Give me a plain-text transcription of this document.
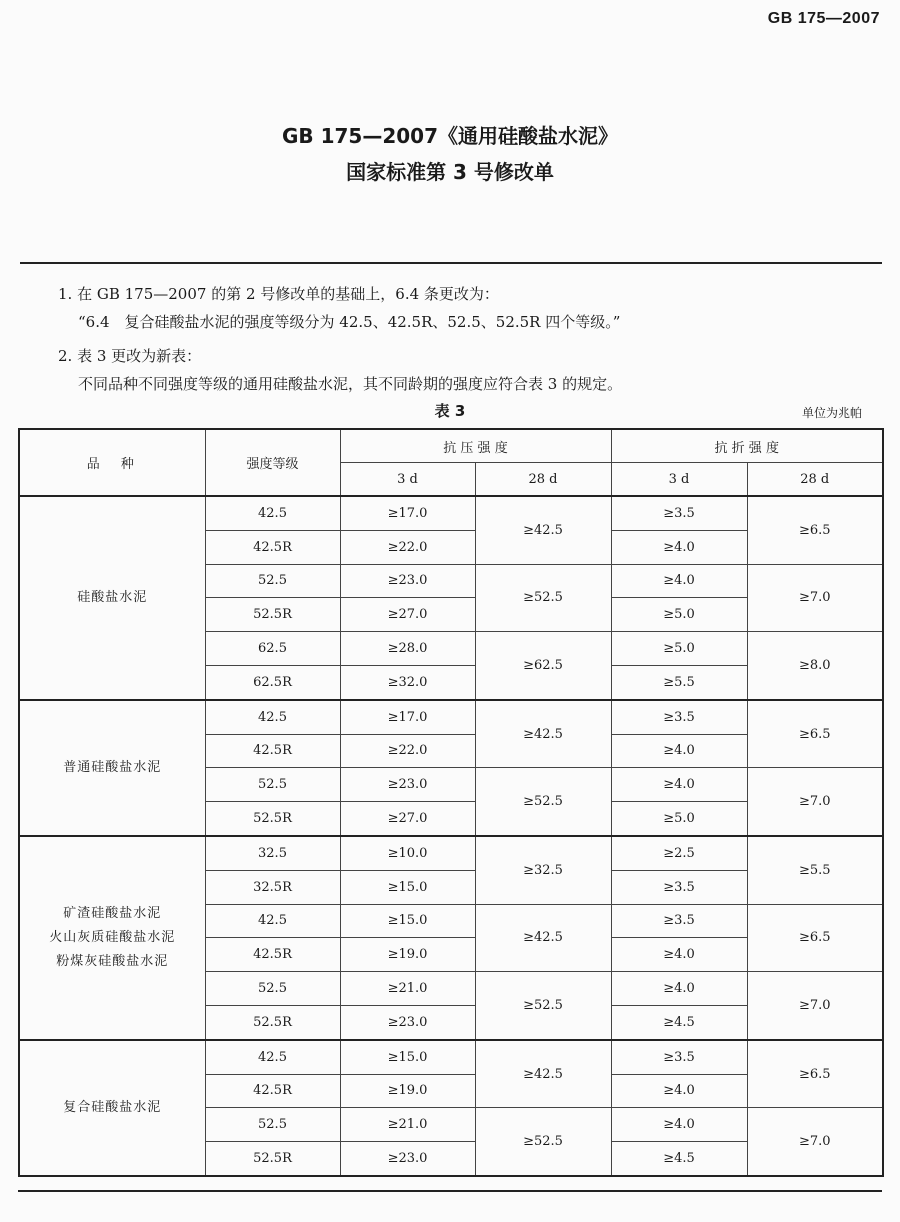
GB 175—2007
GB 175—2007《通用硅酸盐水泥》
国家标准第 3 号修改单
1. 在 GB 175—2007 的第 2 号修改单的基础上，6.4 条更改为：
“6.4　复合硅酸盐水泥的强度等级分为 42.5、42.5R、52.5、52.5R 四个等级。”
2. 表 3 更改为新表：
不同品种不同强度等级的通用硅酸盐水泥，其不同龄期的强度应符合表 3 的规定。
表 3	单位为兆帕
品　种	强度等级	抗 压 强 度		抗 折 强 度	
		3 d	28 d	3 d	28 d
硅酸盐水泥	42.5	≥17.0	≥42.5	≥3.5	≥6.5
	42.5R	≥22.0		≥4.0	
	52.5	≥23.0	≥52.5	≥4.0	≥7.0
	52.5R	≥27.0		≥5.0	
	62.5	≥28.0	≥62.5	≥5.0	≥8.0
	62.5R	≥32.0		≥5.5	
普通硅酸盐水泥	42.5	≥17.0	≥42.5	≥3.5	≥6.5
	42.5R	≥22.0		≥4.0	
	52.5	≥23.0	≥52.5	≥4.0	≥7.0
	52.5R	≥27.0		≥5.0	
矿渣硅酸盐水泥
火山灰质硅酸盐水泥
粉煤灰硅酸盐水泥	32.5	≥10.0	≥32.5	≥2.5	≥5.5
	32.5R	≥15.0		≥3.5	
	42.5	≥15.0	≥42.5	≥3.5	≥6.5
	42.5R	≥19.0		≥4.0	
	52.5	≥21.0	≥52.5	≥4.0	≥7.0
	52.5R	≥23.0		≥4.5	
复合硅酸盐水泥	42.5	≥15.0	≥42.5	≥3.5	≥6.5
	42.5R	≥19.0		≥4.0	
	52.5	≥21.0	≥52.5	≥4.0	≥7.0
	52.5R	≥23.0		≥4.5	
